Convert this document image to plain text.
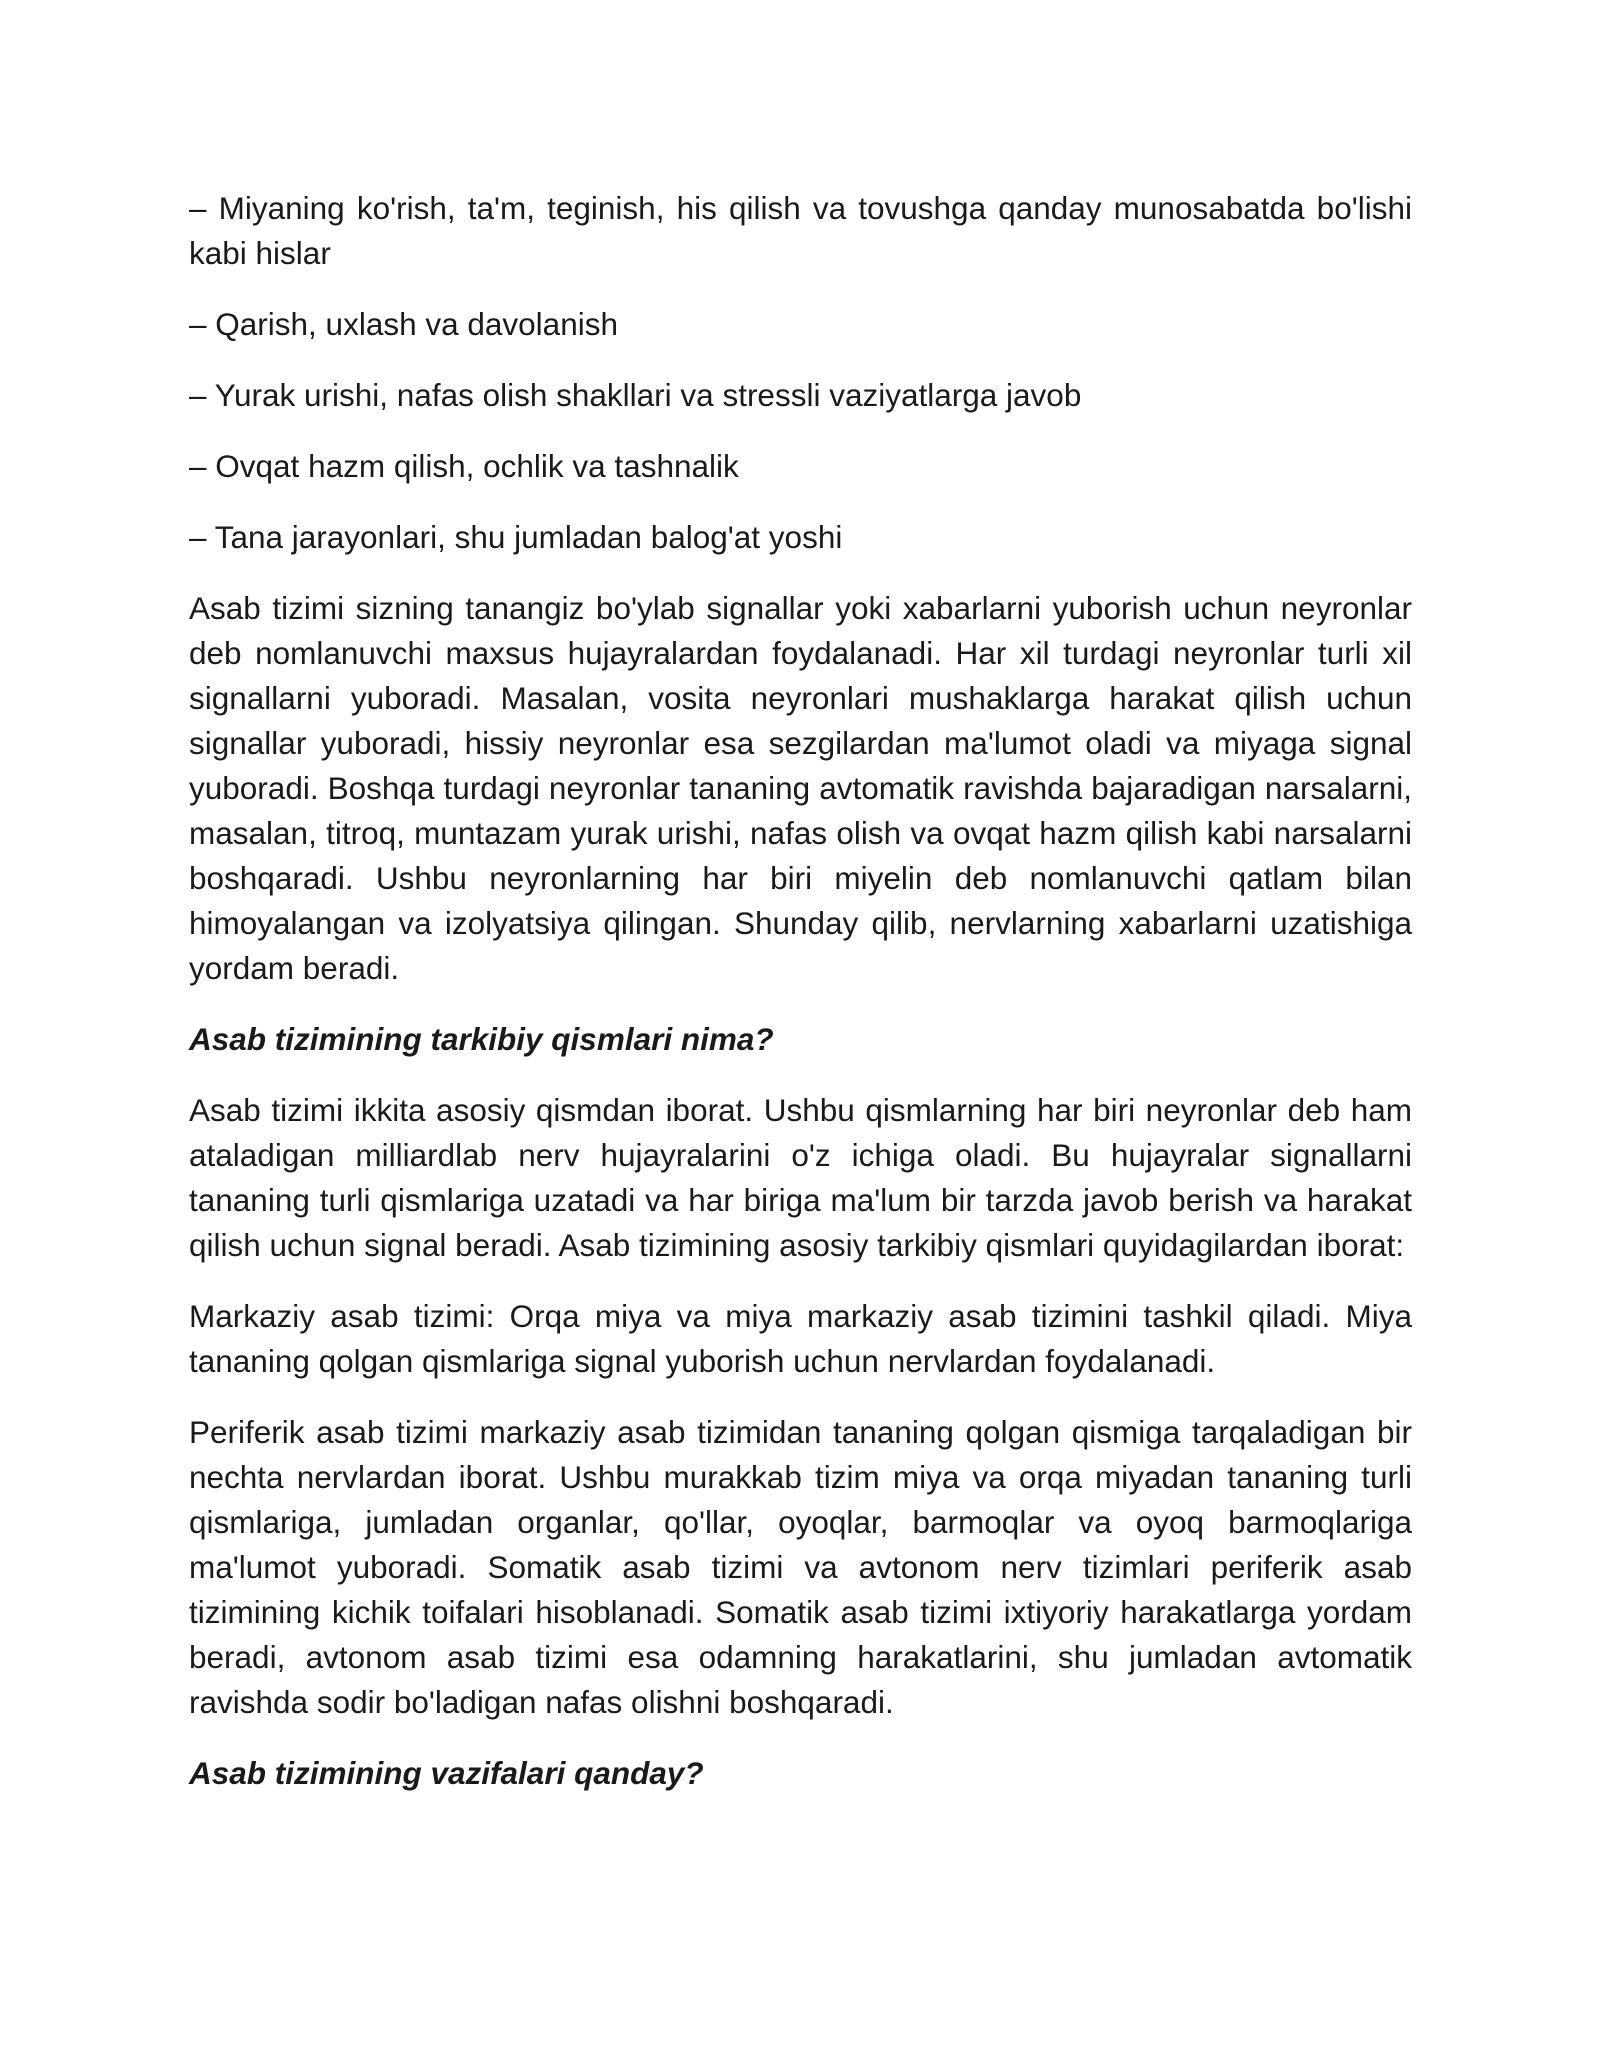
– Miyaning ko'rish, ta'm, teginish, his qilish va tovushga qanday munosabatda bo'lishi kabi hislar

– Qarish, uxlash va davolanish

– Yurak urishi, nafas olish shakllari va stressli vaziyatlarga javob

– Ovqat hazm qilish, ochlik va tashnalik

– Tana jarayonlari, shu jumladan balog'at yoshi

Asab tizimi sizning tanangiz bo'ylab signallar yoki xabarlarni yuborish uchun neyronlar deb nomlanuvchi maxsus hujayralardan foydalanadi. Har xil turdagi neyronlar turli xil signallarni yuboradi. Masalan, vosita neyronlari mushaklarga harakat qilish uchun signallar yuboradi, hissiy neyronlar esa sezgilardan ma'lumot oladi va miyaga signal yuboradi. Boshqa turdagi neyronlar tananing avtomatik ravishda bajaradigan narsalarni, masalan, titroq, muntazam yurak urishi, nafas olish va ovqat hazm qilish kabi narsalarni boshqaradi. Ushbu neyronlarning har biri miyelin deb nomlanuvchi qatlam bilan himoyalangan va izolyatsiya qilingan. Shunday qilib, nervlarning xabarlarni uzatishiga yordam beradi.

Asab tizimining tarkibiy qismlari nima?

Asab tizimi ikkita asosiy qismdan iborat. Ushbu qismlarning har biri neyronlar deb ham ataladigan milliardlab nerv hujayralarini o'z ichiga oladi. Bu hujayralar signallarni tananing turli qismlariga uzatadi va har biriga ma'lum bir tarzda javob berish va harakat qilish uchun signal beradi. Asab tizimining asosiy tarkibiy qismlari quyidagilardan iborat:

Markaziy asab tizimi: Orqa miya va miya markaziy asab tizimini tashkil qiladi. Miya tananing qolgan qismlariga signal yuborish uchun nervlardan foydalanadi.

Periferik asab tizimi markaziy asab tizimidan tananing qolgan qismiga tarqaladigan bir nechta nervlardan iborat. Ushbu murakkab tizim miya va orqa miyadan tananing turli qismlariga, jumladan organlar, qo'llar, oyoqlar, barmoqlar va oyoq barmoqlariga ma'lumot yuboradi. Somatik asab tizimi va avtonom nerv tizimlari periferik asab tizimining kichik toifalari hisoblanadi. Somatik asab tizimi ixtiyoriy harakatlarga yordam beradi, avtonom asab tizimi esa odamning harakatlarini, shu jumladan avtomatik ravishda sodir bo'ladigan nafas olishni boshqaradi.

Asab tizimining vazifalari qanday?
